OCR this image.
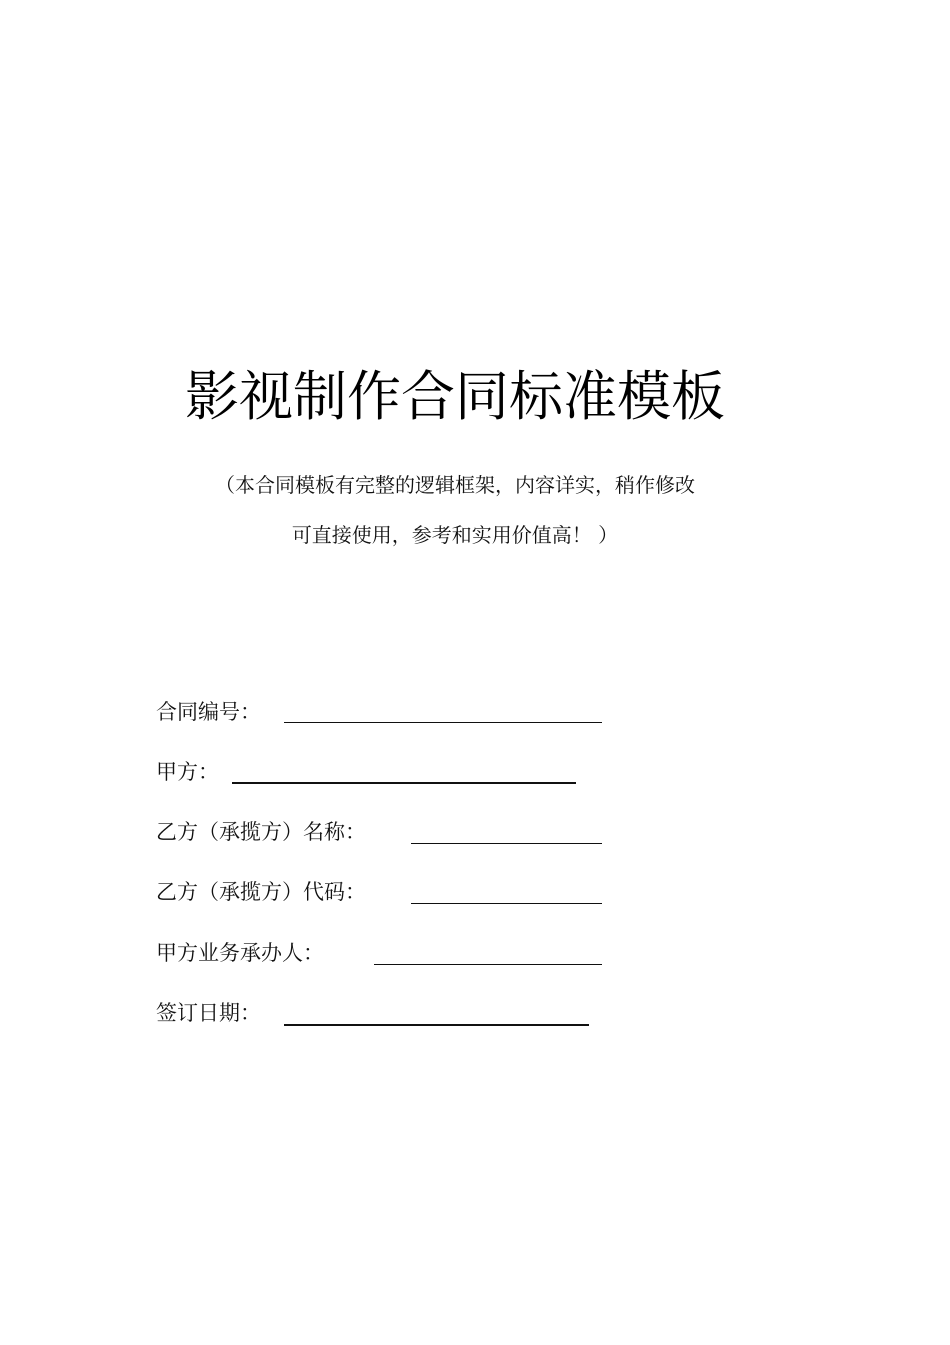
影视制作合同标准模板
（本合同模板有完整的逻辑框架，内容详实，稍作修改
可直接使用，参考和实用价值高！ ）
合同编号：
甲方：
乙方（承揽方）名称：
乙方（承揽方）代码：
甲方业务承办人：
签订日期：
